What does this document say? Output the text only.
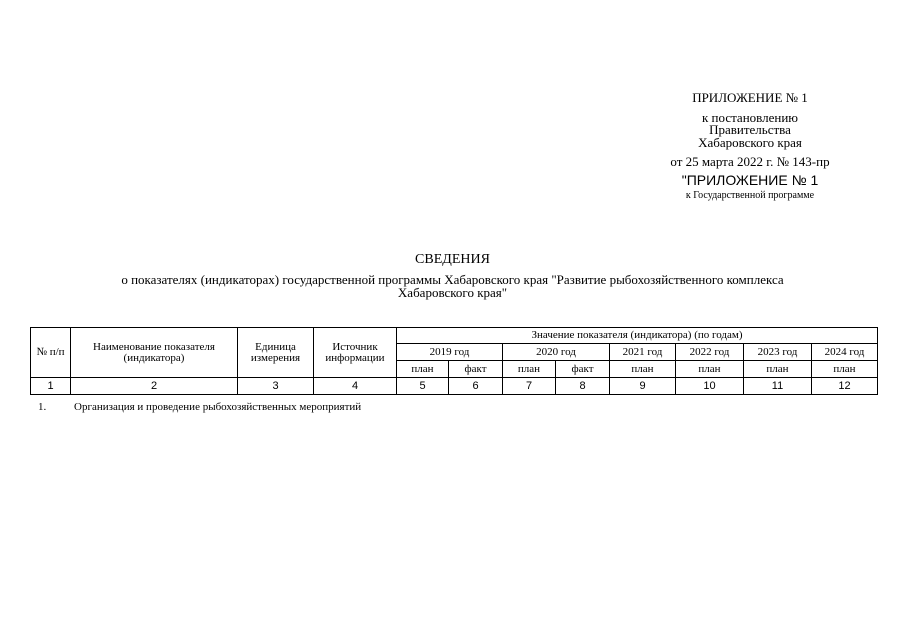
ПРИЛОЖЕНИЕ № 1
к постановлению
Правительства
Хабаровского края
от 25 марта 2022 г. № 143-пр
"ПРИЛОЖЕНИЕ № 1
к Государственной программе
СВЕДЕНИЯ
о показателях (индикаторах) государственной программы Хабаровского края "Развитие рыбохозяйственного комплекса
Хабаровского края"
№ п/п	Наименование показателя (индикатора)	Единица измерения	Источник информации	Значение показателя (индикатора) (по годам)							
				2019 год		2020 год		2021 год	2022 год	2023 год	2024 год
				план	факт	план	факт	план	план	план	план
1	2	3	4	5	6	7	8	9	10	11	12
1.	Организация и проведение рыбохозяйственных мероприятий
